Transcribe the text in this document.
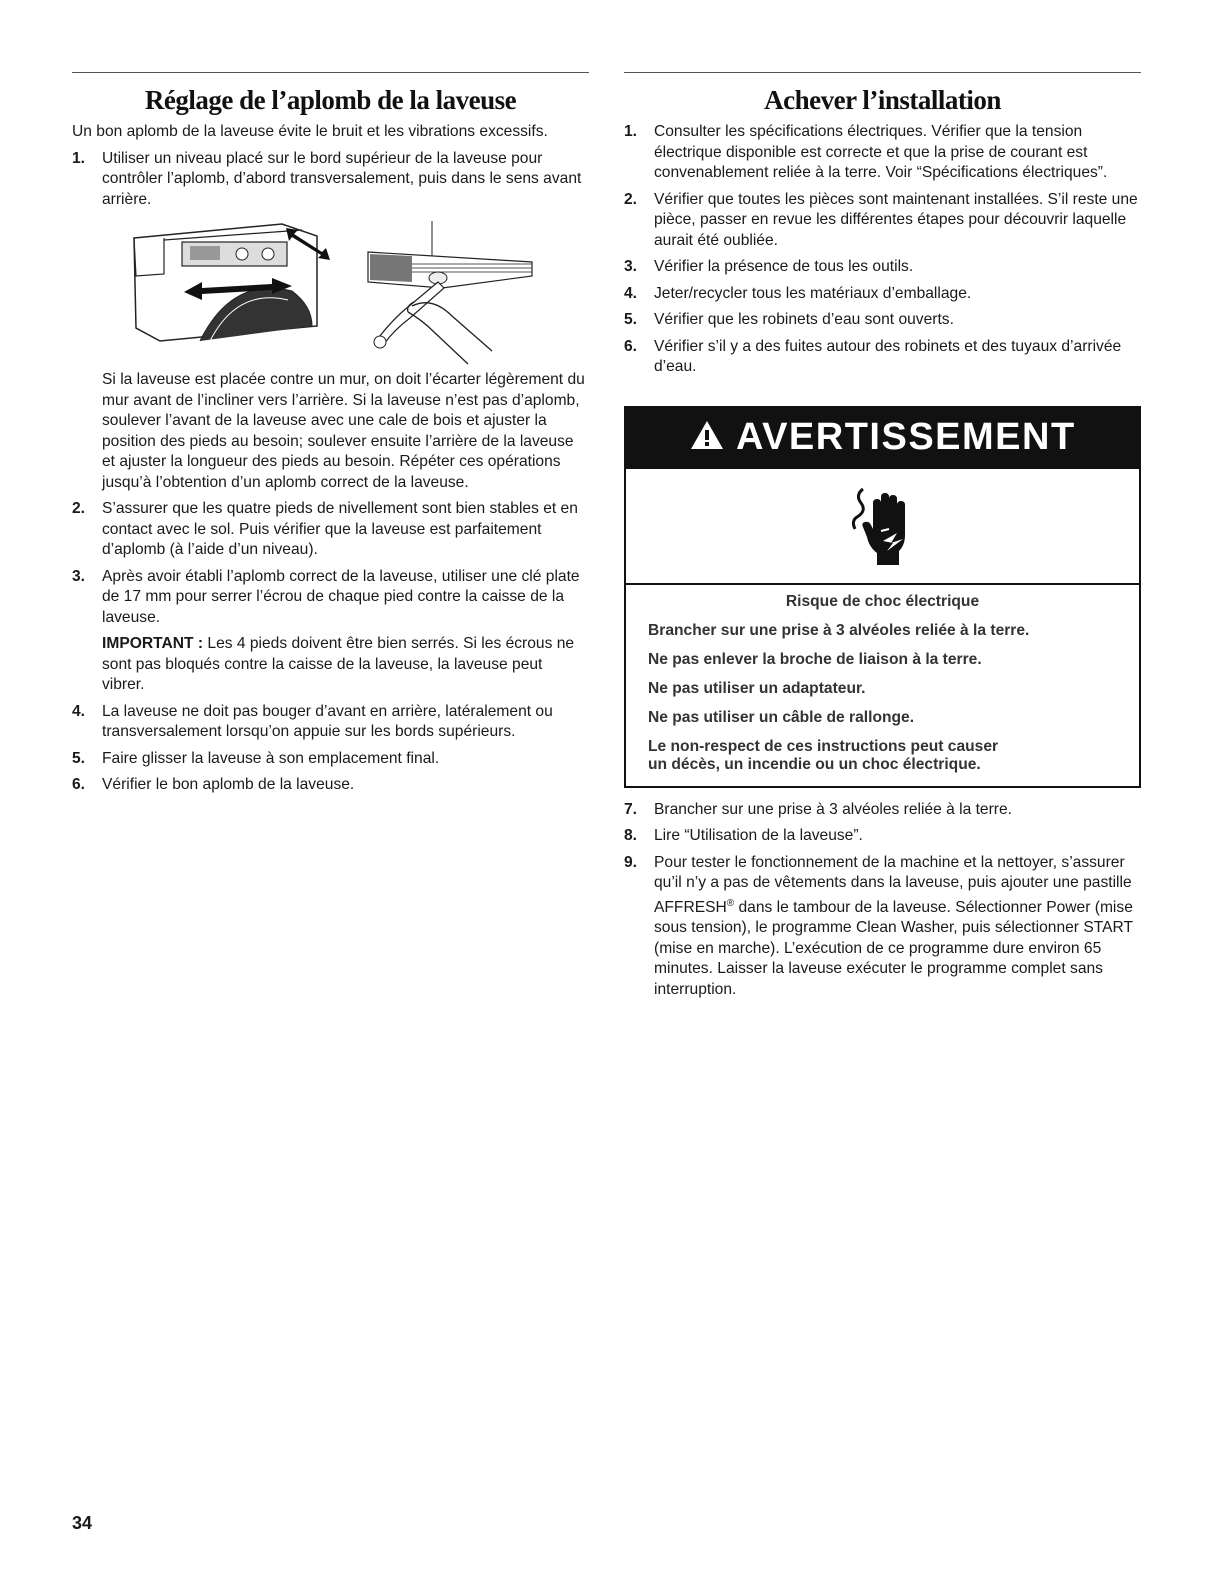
Réglage de l’aplomb de la laveuse

Un bon aplomb de la laveuse évite le bruit et les vibrations excessifs.

1. Utiliser un niveau placé sur le bord supérieur de la laveuse pour contrôler l’aplomb, d’abord transversalement, puis dans le sens avant arrière.

Si la laveuse est placée contre un mur, on doit l’écarter légèrement du mur avant de l’incliner vers l’arrière. Si la laveuse n’est pas d’aplomb, soulever l’avant de la laveuse avec une cale de bois et ajuster la position des pieds au besoin; soulever ensuite l’arrière de la laveuse et ajuster la longueur des pieds au besoin. Répéter ces opérations jusqu’à l’obtention d’un aplomb correct de la laveuse.

2. S’assurer que les quatre pieds de nivellement sont bien stables et en contact avec le sol. Puis vérifier que la laveuse est parfaitement d’aplomb (à l’aide d’un niveau).
3. Après avoir établi l’aplomb correct de la laveuse, utiliser une clé plate de 17 mm pour serrer l’écrou de chaque pied contre la caisse de la laveuse.

IMPORTANT : Les 4 pieds doivent être bien serrés. Si les écrous ne sont pas bloqués contre la caisse de la laveuse, la laveuse peut vibrer.

4. La laveuse ne doit pas bouger d’avant en arrière, latéralement ou transversalement lorsqu’on appuie sur les bords supérieurs.
5. Faire glisser la laveuse à son emplacement final.
6. Vérifier le bon aplomb de la laveuse.
Achever l’installation
1. Consulter les spécifications électriques. Vérifier que la tension électrique disponible est correcte et que la prise de courant est convenablement reliée à la terre. Voir “Spécifications électriques”.
2. Vérifier que toutes les pièces sont maintenant installées. S’il reste une pièce, passer en revue les différentes étapes pour découvrir laquelle aurait été oubliée.
3. Vérifier la présence de tous les outils.
4. Jeter/recycler tous les matériaux d’emballage.
5. Vérifier que les robinets d’eau sont ouverts.
6. Vérifier s’il y a des fuites autour des robinets et des tuyaux d’arrivée d’eau.
AVERTISSEMENT

Risque de choc électrique

Brancher sur une prise à 3 alvéoles reliée à la terre.

Ne pas enlever la broche de liaison à la terre.

Ne pas utiliser un adaptateur.

Ne pas utiliser un câble de rallonge.

Le non-respect de ces instructions peut causer
un décès, un incendie ou un choc électrique.

7. Brancher sur une prise à 3 alvéoles reliée à la terre.
8. Lire “Utilisation de la laveuse”.
9. Pour tester le fonctionnement de la machine et la nettoyer, s’assurer qu’il n’y a pas de vêtements dans la laveuse, puis ajouter une pastille AFFRESH® dans le tambour de la laveuse. Sélectionner Power (mise sous tension), le programme Clean Washer, puis sélectionner START (mise en marche). L’exécution de ce programme dure environ 65 minutes. Laisser la laveuse exécuter le programme complet sans interruption.
34
